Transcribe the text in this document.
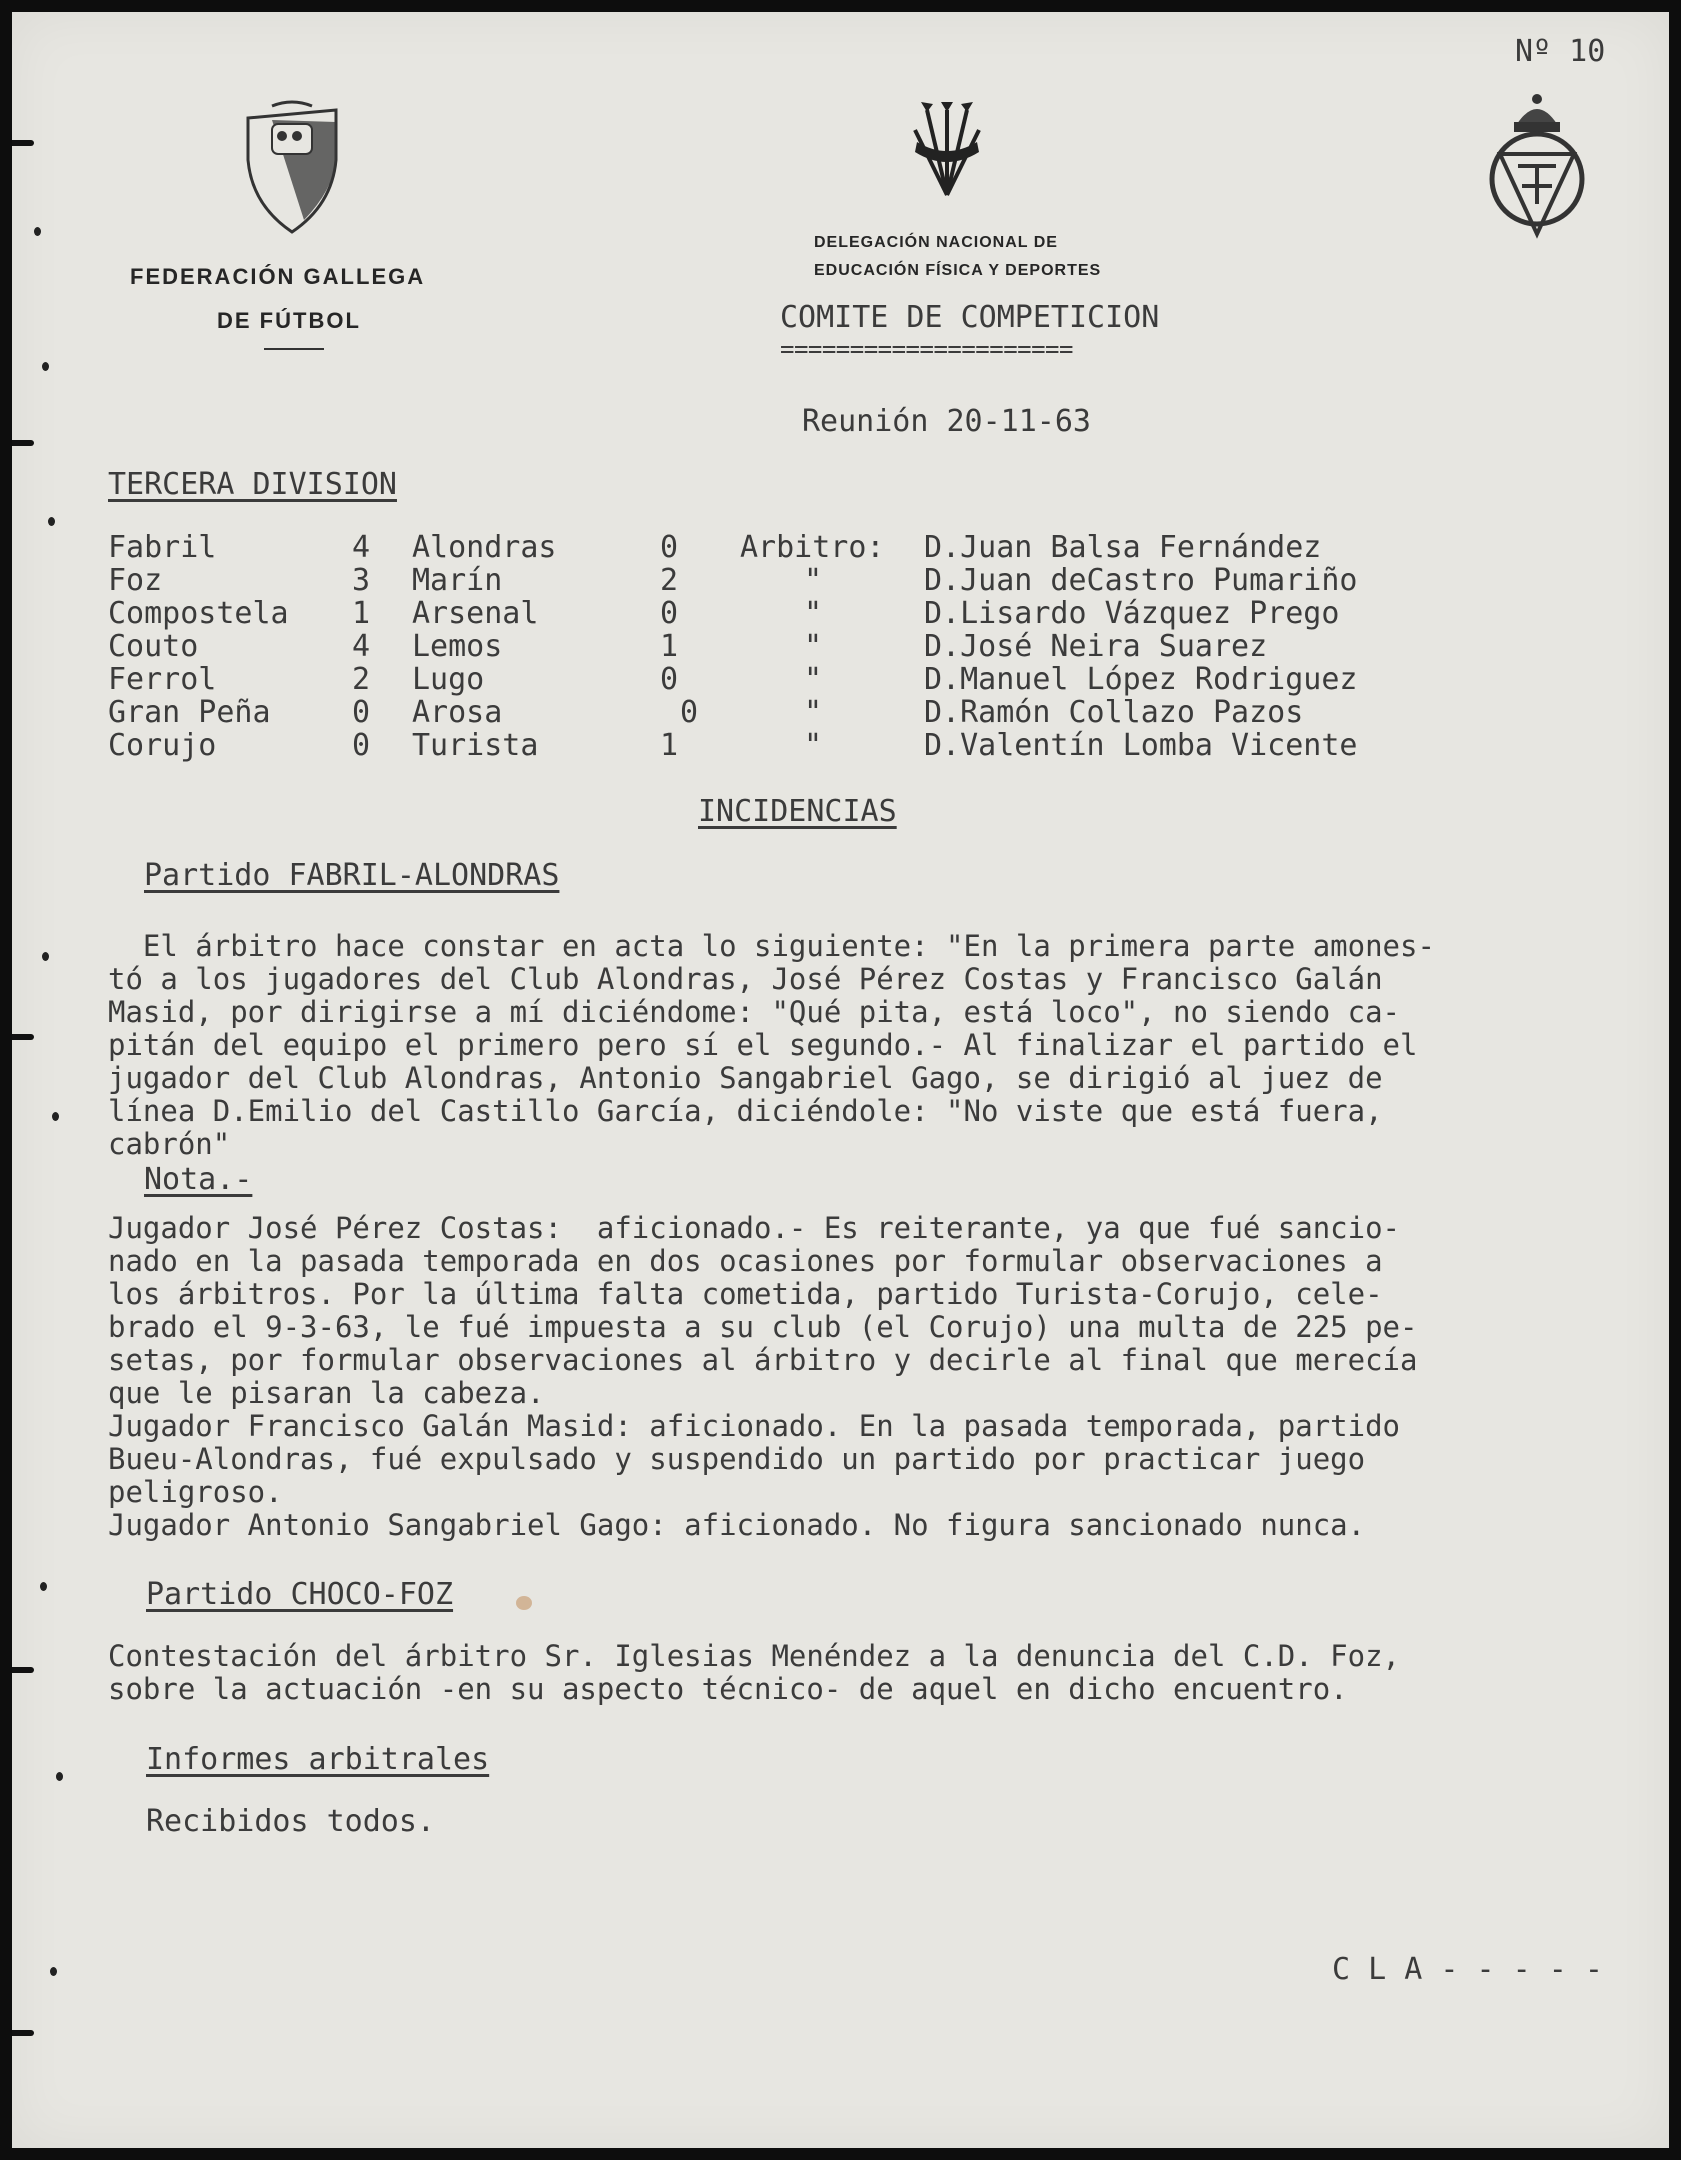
Nº 10
FEDERACIÓN GALLEGA
DE FÚTBOL
DELEGACIÓN NACIONAL DE
EDUCACIÓN FÍSICA Y DEPORTES
COMITE DE COMPETICION
=====================
Reunión 20-11-63
TERCERA DIVISION
Fabril	4 Alondras	0 Arbitro: D.Juan Balsa Fernández
Foz	3 Marín	2	"	D.Juan deCastro Pumariño
Compostela 1 Arsenal	0	"	D.Lisardo Vázquez Prego
Couto	4 Lemos	1	"	D.José Neira Suarez
Ferrol	2 Lugo	0	"	D.Manuel López Rodriguez
Gran Peña	0 Arosa	0	"	D.Ramón Collazo Pazos
Corujo	0 Turista	1	"	D.Valentín Lomba Vicente
INCIDENCIAS
Partido FABRIL-ALONDRAS
El árbitro hace constar en acta lo siguiente: "En la primera parte amones-
tó a los jugadores del Club Alondras, José Pérez Costas y Francisco Galán
Masid, por dirigirse a mí diciéndome: "Qué pita, está loco", no siendo ca-
pitán del equipo el primero pero sí el segundo.- Al finalizar el partido el
jugador del Club Alondras, Antonio Sangabriel Gago, se dirigió al juez de
línea D.Emilio del Castillo García, diciéndole: "No viste que está fuera,
cabrón"
Nota.-
Jugador José Pérez Costas:  aficionado.- Es reiterante, ya que fué sancio-
nado en la pasada temporada en dos ocasiones por formular observaciones a
los árbitros. Por la última falta cometida, partido Turista-Corujo, cele-
brado el 9-3-63, le fué impuesta a su club (el Corujo) una multa de 225 pe-
setas, por formular observaciones al árbitro y decirle al final que merecía
que le pisaran la cabeza.
Jugador Francisco Galán Masid: aficionado. En la pasada temporada, partido
Bueu-Alondras, fué expulsado y suspendido un partido por practicar juego
peligroso.
Jugador Antonio Sangabriel Gago: aficionado. No figura sancionado nunca.
Partido CHOCO-FOZ
Contestación del árbitro Sr. Iglesias Menéndez a la denuncia del C.D. Foz,
sobre la actuación -en su aspecto técnico- de aquel en dicho encuentro.
Informes arbitrales
Recibidos todos.
C L A - - - - -
